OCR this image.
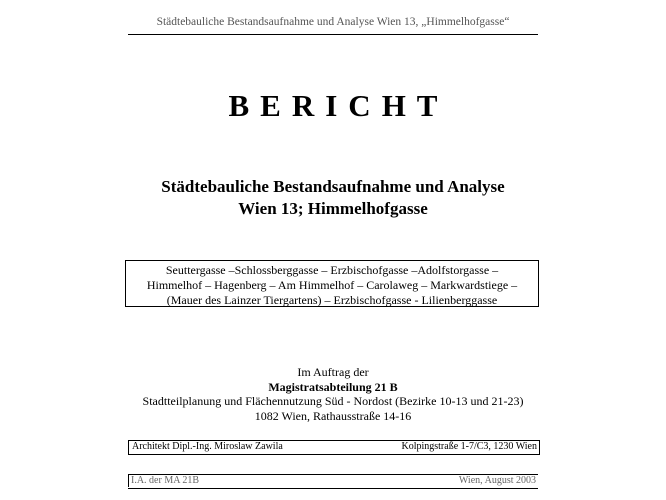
Städtebauliche Bestandsaufnahme und Analyse Wien 13, „Himmelhofgasse“
BERICHT
Städtebauliche Bestandsaufnahme und Analyse
Wien 13; Himmelhofgasse
Seuttergasse –Schlossberggasse – Erzbischofgasse –Adolfstorgasse –
Himmelhof – Hagenberg – Am Himmelhof – Carolaweg – Markwardstiege –
(Mauer des Lainzer Tiergartens) – Erzbischofgasse - Lilienberggasse
Im Auftrag der
Magistratsabteilung 21 B
Stadtteilplanung und Flächennutzung Süd - Nordost (Bezirke 10-13 und 21-23)
1082 Wien, Rathausstraße 14-16
Architekt Dipl.-Ing. Miroslaw Zawila	Kolpingstraße 1-7/C3, 1230 Wien
I.A. der MA 21B	Wien, August 2003
